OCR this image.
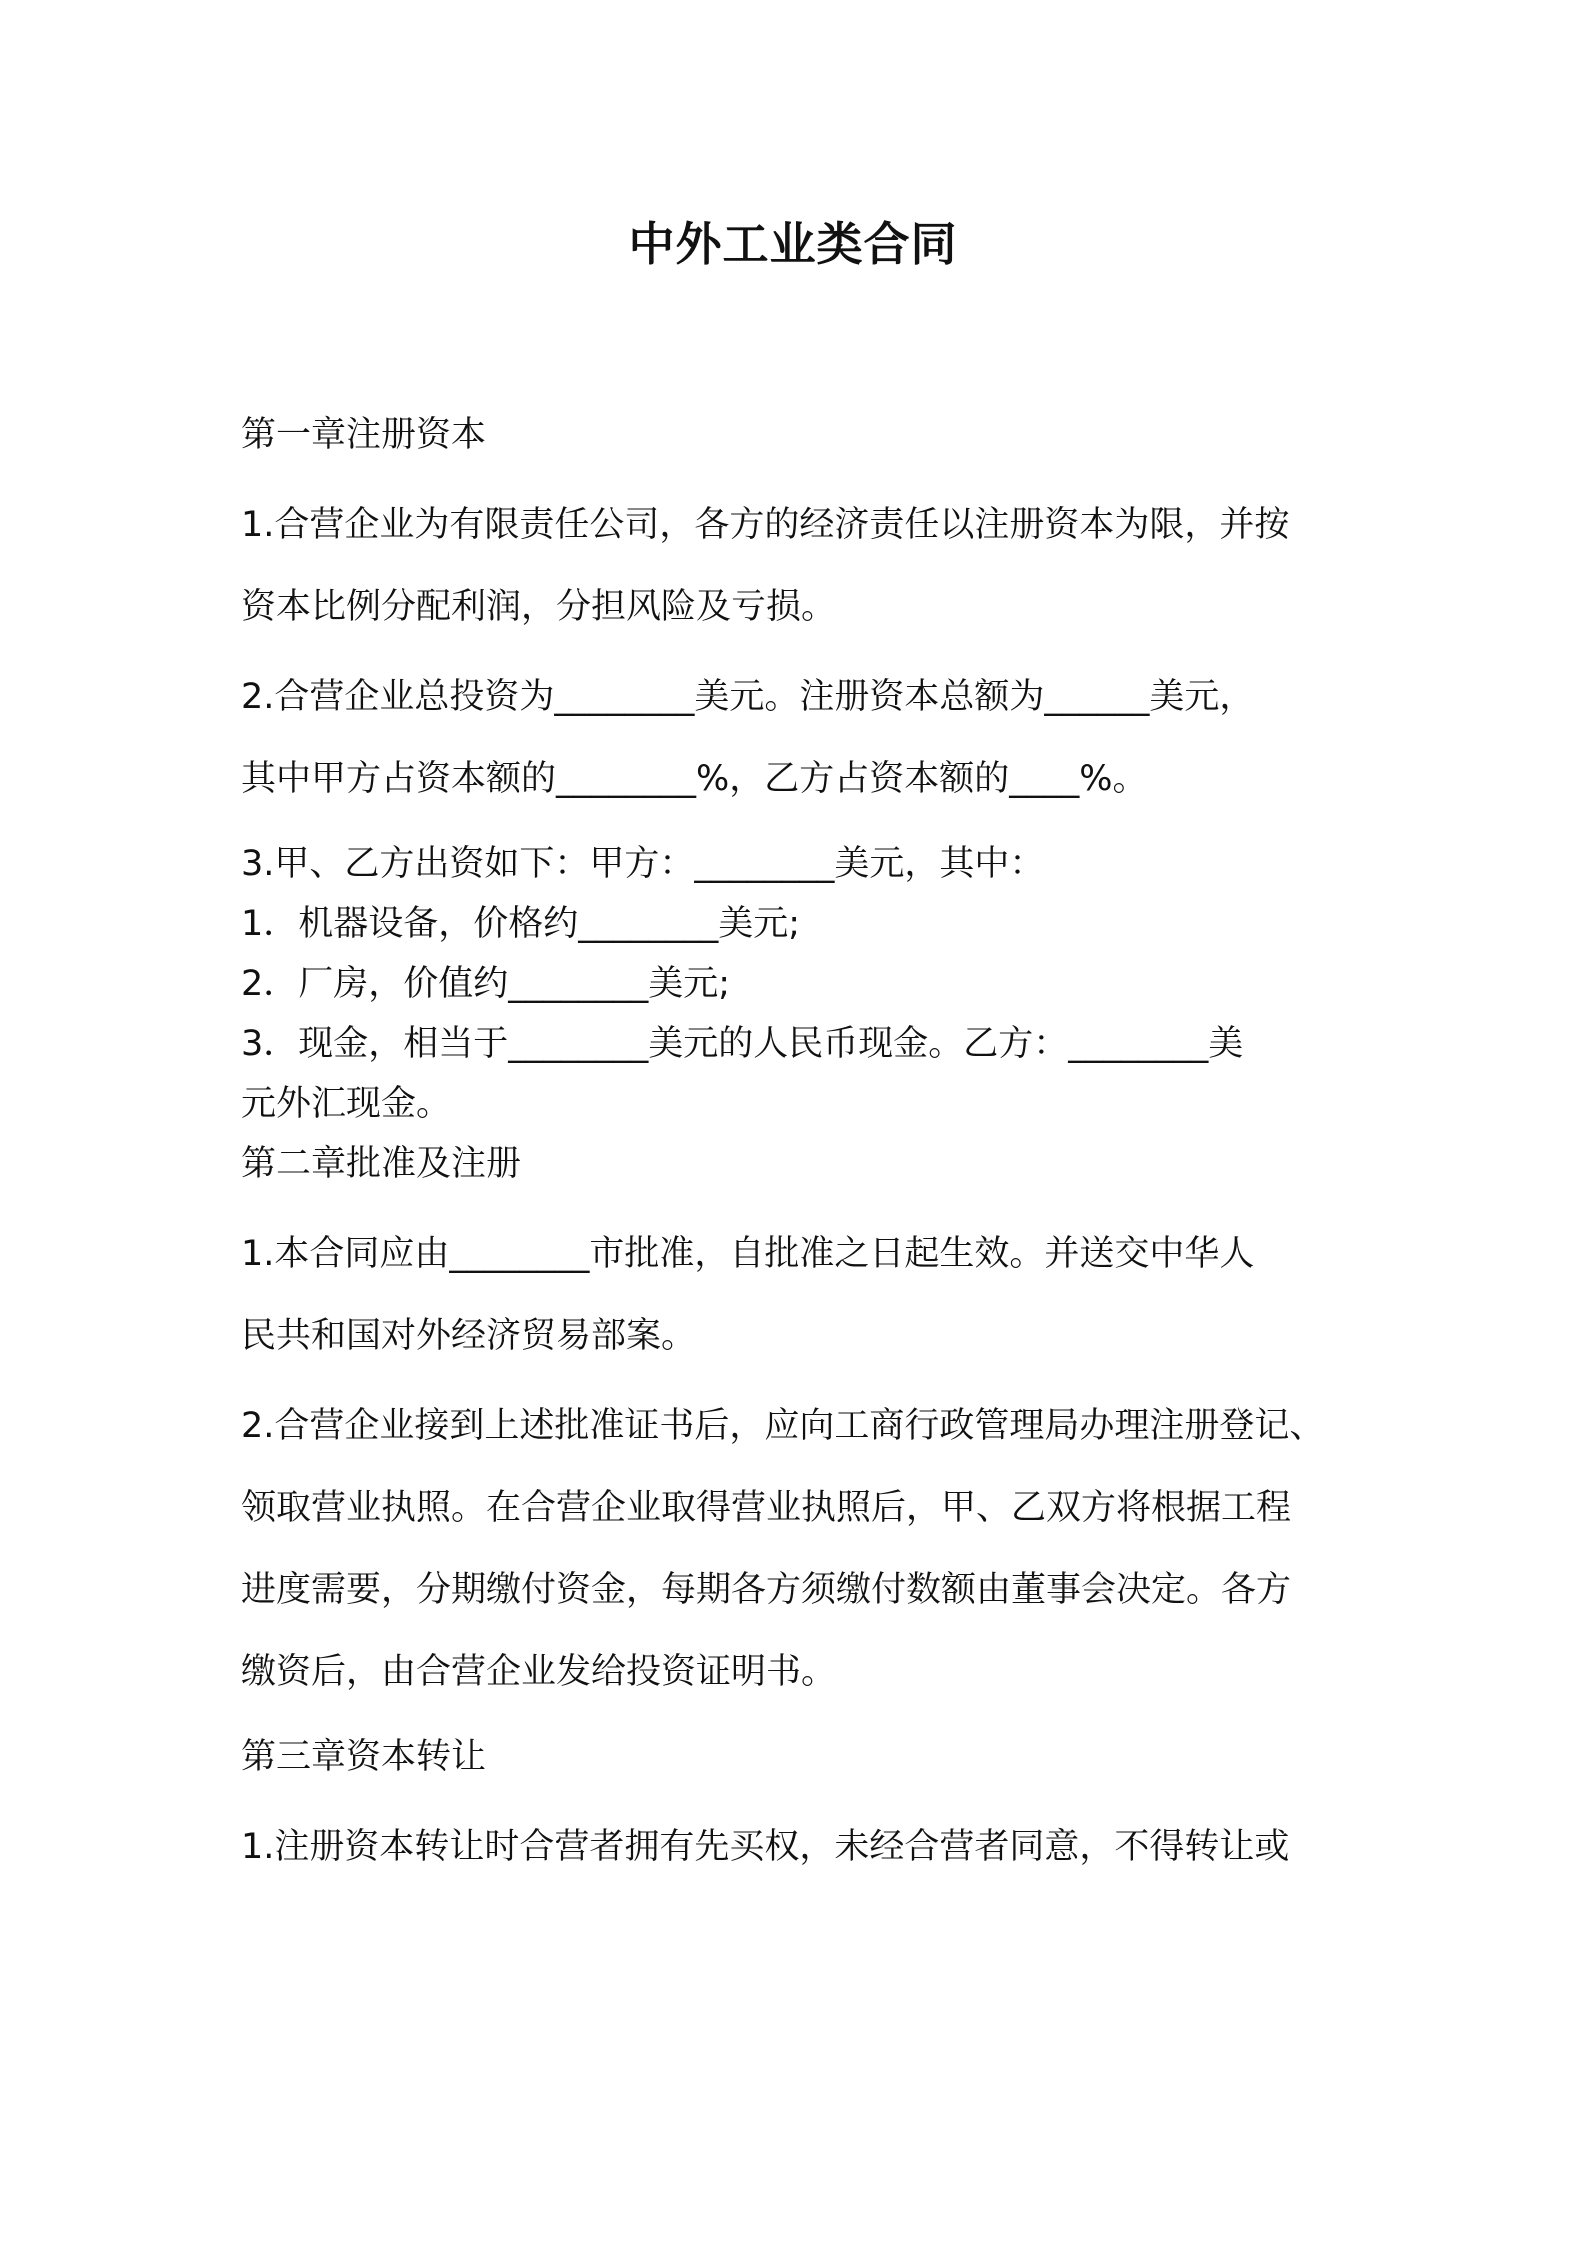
中外工业类合同
第一章注册资本
1.合营企业为有限责任公司，各方的经济责任以注册资本为限，并按
资本比例分配利润，分担风险及亏损。
2.合营企业总投资为________美元。注册资本总额为______美元，
其中甲方占资本额的________%，乙方占资本额的____%。
3.甲、乙方出资如下：甲方：________美元，其中：
1．机器设备，价格约________美元;
2．厂房，价值约________美元;
3．现金，相当于________美元的人民币现金。乙方：________美
元外汇现金。
第二章批准及注册
1.本合同应由________市批准，自批准之日起生效。并送交中华人
民共和国对外经济贸易部案。
2.合营企业接到上述批准证书后，应向工商行政管理局办理注册登记、
领取营业执照。在合营企业取得营业执照后，甲、乙双方将根据工程
进度需要，分期缴付资金，每期各方须缴付数额由董事会决定。各方
缴资后，由合营企业发给投资证明书。
第三章资本转让
1.注册资本转让时合营者拥有先买权，未经合营者同意，不得转让或
